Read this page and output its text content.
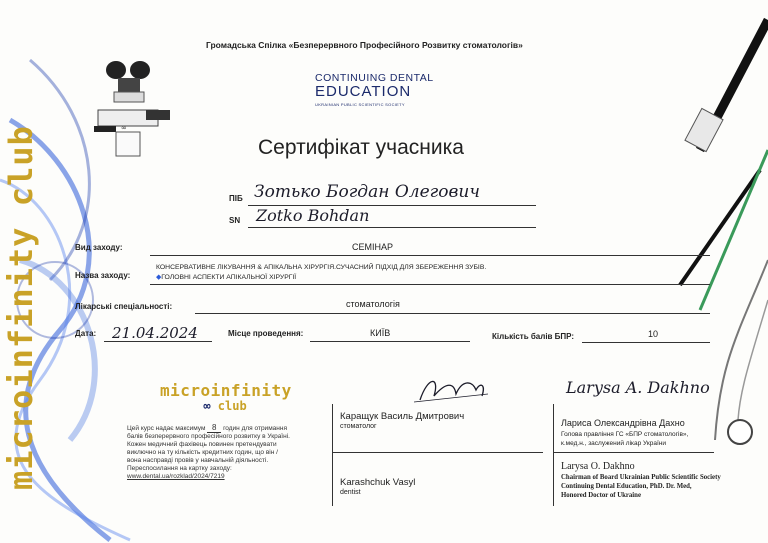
microinfinity club	∞
Громадська Спілка «Безперервного Професійного Розвитку стоматологів»
CONTINUING DENTAL
EDUCATION
UKRAINIAN PUBLIC SCIENTIFIC SOCIETY
Сертифікат учасника
ПІБ Зотько Богдан Олегович
SN Zotko Bohdan
Вид заходу:	СЕМІНАР
Назва заходу:
КОНСЕРВАТИВНЕ ЛІКУВАННЯ & АПІКАЛЬНА ХІРУРГІЯ.СУЧАСНИЙ ПІДХІД ДЛЯ ЗБЕРЕЖЕННЯ ЗУБІВ.
◆ГОЛОВНІ АСПЕКТИ АПІКАЛЬНОЇ ХІРУРГІЇ
Лікарські спеціальності:	стоматологія
Дата: 21.04.2024	Місце проведення:	КИЇВ	Кількість балів БПР:	10
microinfinity
∞ club
Цей курс надає максимум 8 годин для отримання
балів безперервного професійного розвитку в Україні.
Кожен медичний фахівець повинен претендувати
виключно на ту кількість кредитних годин, що він /
вона насправді провів у навчальній діяльності.
Переспосилання на картку заходу:
www.dental.ua/rozklad/2024/7219
Каращук Василь Дмитрович
стоматолог
Karashchuk Vasyl
dentist
Larysa A. Dakhno
Лариса Олександрівна Дахно
Голова правління ГС «БПР стоматологів»,
к.мед.н., заслужений лікар України
Larysa O. Dakhno
Chairman of Board Ukrainian Public Scientific Society
Continuing Dental Education, PhD. Dr. Med,
Honored Doctor of Ukraine
